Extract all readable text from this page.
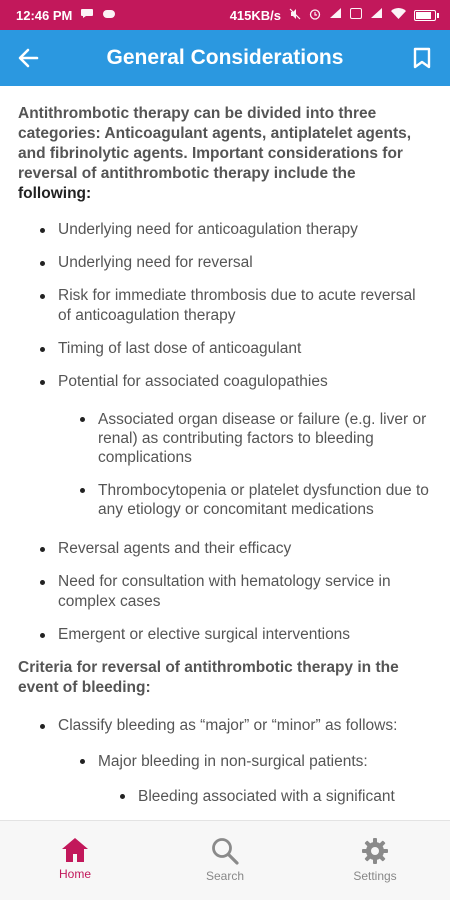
12:46 PM	415KB/s
General Considerations

Antithrombotic therapy can be divided into three categories: Anticoagulant agents, antiplatelet agents, and fibrinolytic agents. Important considerations for reversal of antithrombotic therapy include the following:

Underlying need for anticoagulation therapy
Underlying need for reversal
Risk for immediate thrombosis due to acute reversal of anticoagulation therapy
Timing of last dose of anticoagulant
Potential for associated coagulopathies
Associated organ disease or failure (e.g. liver or renal) as contributing factors to bleeding complications
Thrombocytopenia or platelet dysfunction due to any etiology or concomitant medications
Reversal agents and their efficacy
Need for consultation with hematology service in complex cases
Emergent or elective surgical interventions

Criteria for reversal of antithrombotic therapy in the event of bleeding:

Classify bleeding as “major” or “minor” as follows:
Major bleeding in non-surgical patients:
Bleeding associated with a significant
Home	Search	Settings
